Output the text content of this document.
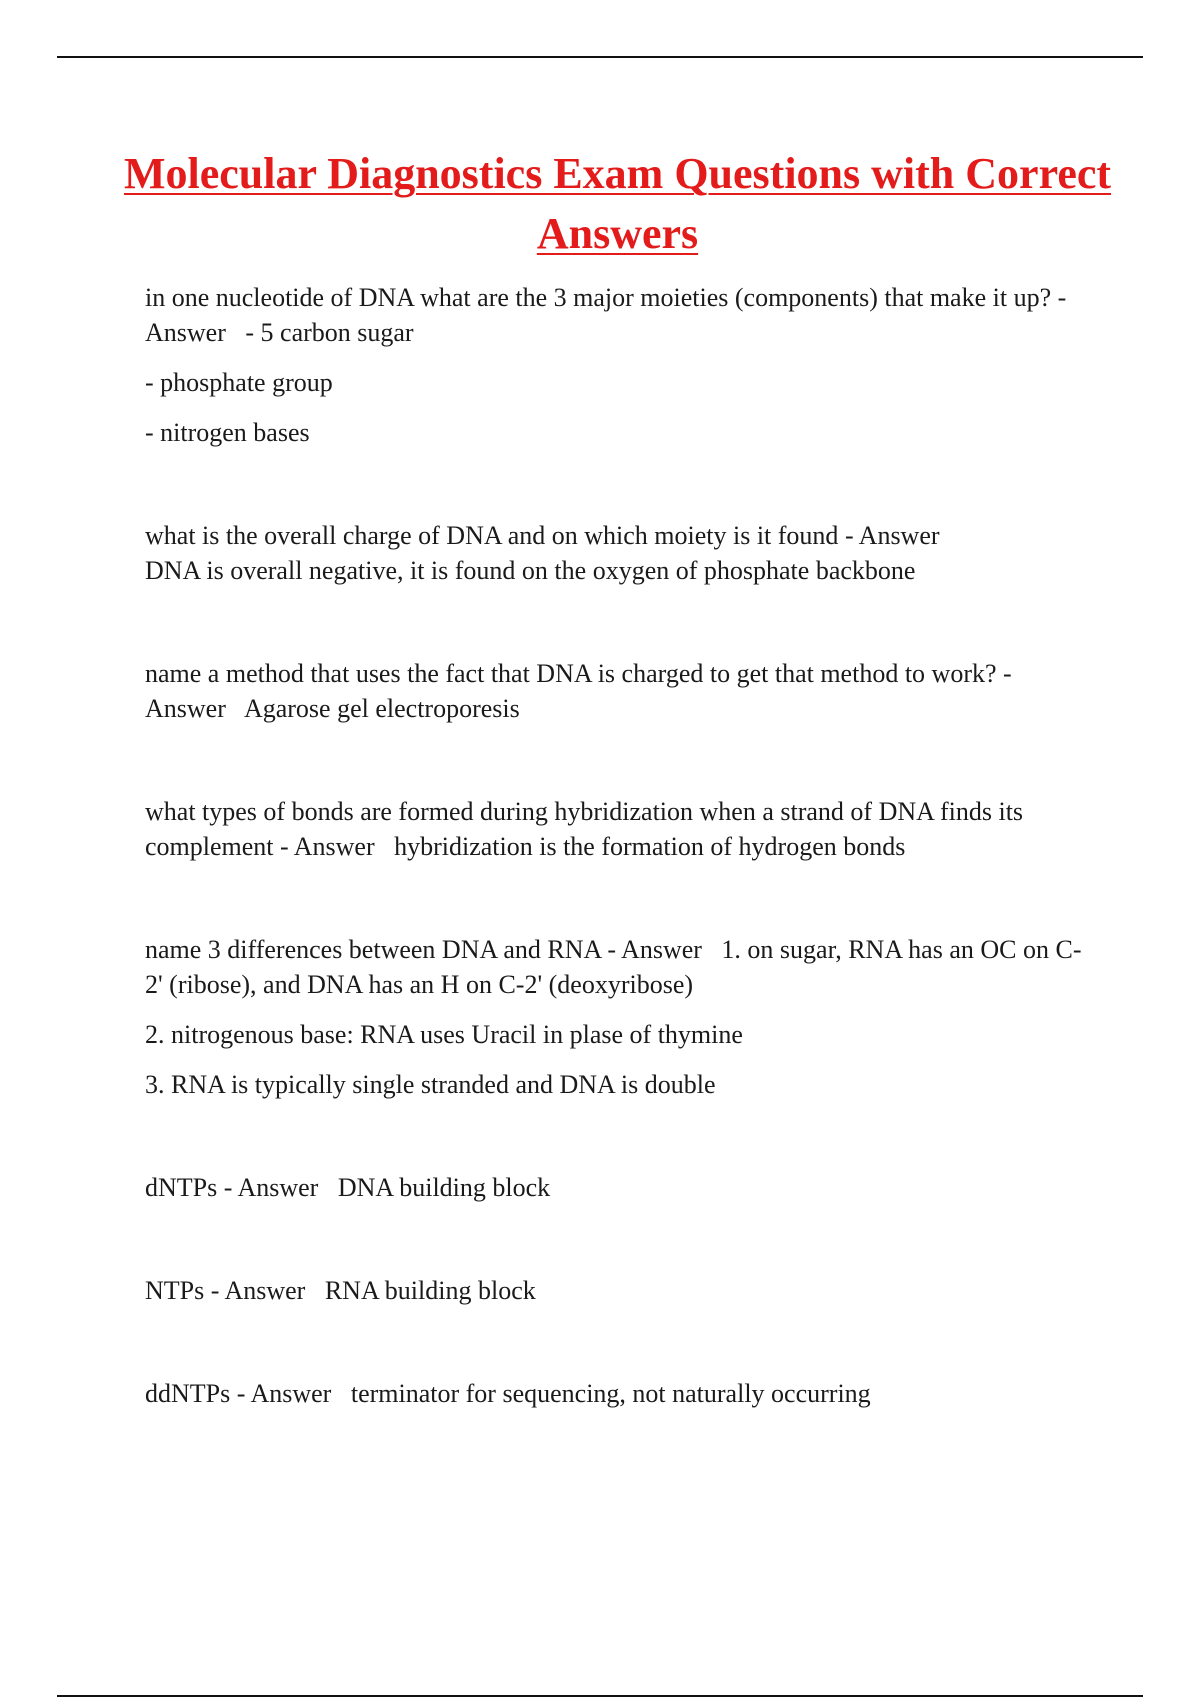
Molecular Diagnostics Exam Questions with Correct Answers

in one nucleotide of DNA what are the 3 major moieties (components) that make it up? - Answer - 5 carbon sugar

- phosphate group

- nitrogen bases

what is the overall charge of DNA and on which moiety is it found - Answer
DNA is overall negative, it is found on the oxygen of phosphate backbone

name a method that uses the fact that DNA is charged to get that method to work? -
Answer Agarose gel electroporesis

what types of bonds are formed during hybridization when a strand of DNA finds its complement - Answer hybridization is the formation of hydrogen bonds

name 3 differences between DNA and RNA - Answer 1. on sugar, RNA has an OC on C-2' (ribose), and DNA has an H on C-2' (deoxyribose)

2. nitrogenous base: RNA uses Uracil in plase of thymine

3. RNA is typically single stranded and DNA is double

dNTPs - Answer DNA building block

NTPs - Answer RNA building block

ddNTPs - Answer terminator for sequencing, not naturally occurring
